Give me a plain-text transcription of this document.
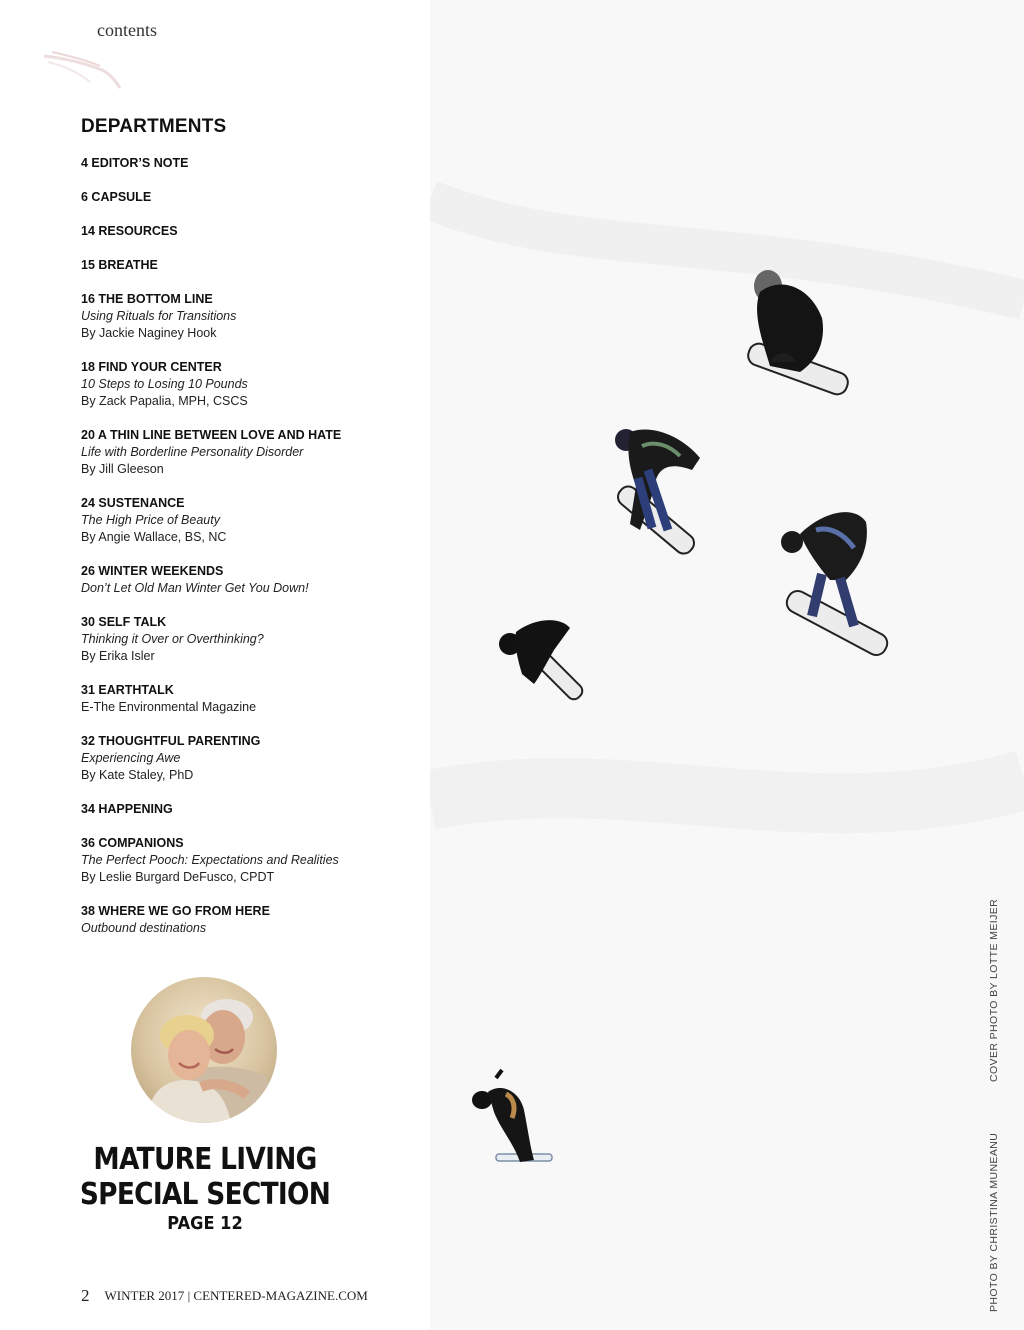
contents
DEPARTMENTS
4 EDITOR’S NOTE
6 CAPSULE
14 RESOURCES
15 BREATHE
16 THE BOTTOM LINE
Using Rituals for Transitions
By Jackie Naginey Hook
18 FIND YOUR CENTER
10 Steps to Losing 10 Pounds
By Zack Papalia, MPH, CSCS
20 A THIN LINE BETWEEN LOVE AND HATE
Life with Borderline Personality Disorder
By Jill Gleeson
24 SUSTENANCE
The High Price of Beauty
By Angie Wallace, BS, NC
26 WINTER WEEKENDS
Don’t Let Old Man Winter Get You Down!
30 SELF TALK
Thinking it Over or Overthinking?
By Erika Isler
31 EARTHTALK
E-The Environmental Magazine
32 THOUGHTFUL PARENTING
Experiencing Awe
By Kate Staley, PhD
34 HAPPENING
36 COMPANIONS
The Perfect Pooch: Expectations and Realities
By Leslie Burgard DeFusco, CPDT
38 WHERE WE GO FROM HERE
Outbound destinations
MATURE LIVING
SPECIAL SECTION
PAGE 12
2 WINTER 2017 | CENTERED-MAGAZINE.COM
COVER PHOTO BY LOTTE MEIJER
PHOTO BY CHRISTINA MUNEANU
